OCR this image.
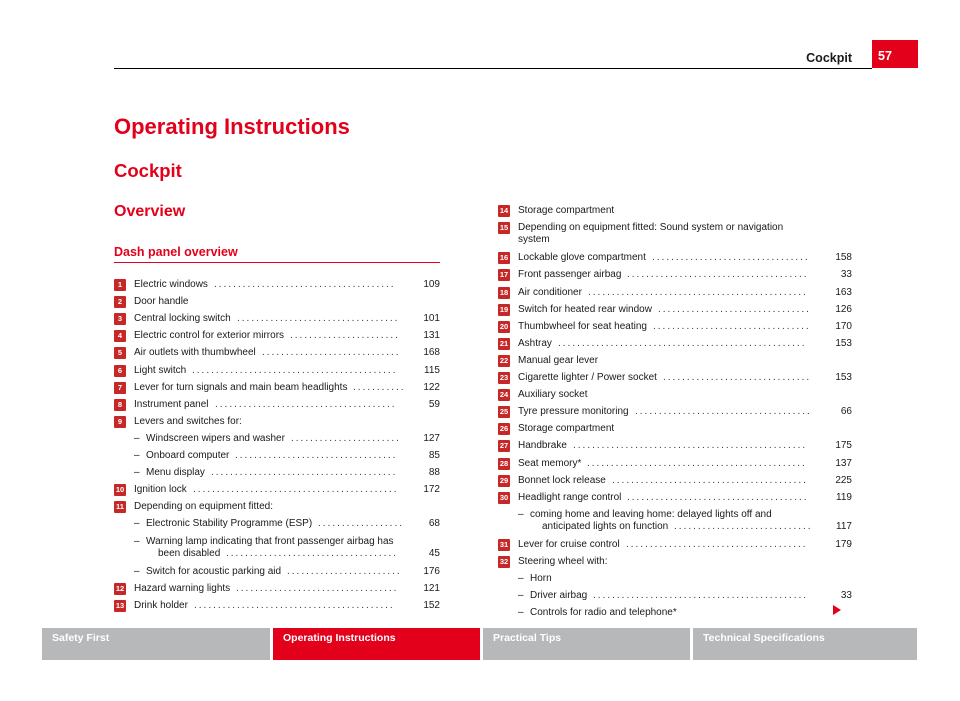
Cockpit	57
Operating Instructions
Cockpit
Overview
Dash panel overview
1	Electric windows ......................................	109
2	Door handle
3	Central locking switch ..................................	101
4	Electric control for exterior mirrors .......................	131
5	Air outlets with thumbwheel .............................	168
6	Light switch ...........................................	115
7	Lever for turn signals and main beam headlights ...........	122
8	Instrument panel ......................................	59
9	Levers and switches for:
– Windscreen wipers and washer .......................	127
– Onboard computer ..................................	85
– Menu display .......................................	88
10 Ignition lock ...........................................	172
11 Depending on equipment fitted:
– Electronic Stability Programme (ESP) ..................	68
– Warning lamp indicating that front passenger airbag has
been disabled ....................................	45
– Switch for acoustic parking aid ........................	176
12 Hazard warning lights ..................................	121
13 Drink holder ..........................................	152
14 Storage compartment
15 Depending on equipment fitted: Sound system or navigation
system
16 Lockable glove compartment .................................	158
17 Front passenger airbag ......................................	33
18 Air conditioner ..............................................	163
19 Switch for heated rear window ................................	126
20 Thumbwheel for seat heating .................................	170
21 Ashtray ....................................................	153
22 Manual gear lever
23 Cigarette lighter / Power socket ...............................	153
24 Auxiliary socket
25 Tyre pressure monitoring .....................................	66
26 Storage compartment
27 Handbrake .................................................	175
28 Seat memory* ..............................................	137
29 Bonnet lock release .........................................	225
30 Headlight range control ......................................	119
– coming home and leaving home: delayed lights off and
anticipated lights on function .............................	117
31 Lever for cruise control ......................................	179
32 Steering wheel with:
– Horn
– Driver airbag .............................................	33
– Controls for radio and telephone*
Safety First	Operating Instructions	Practical Tips	Technical Specifications
